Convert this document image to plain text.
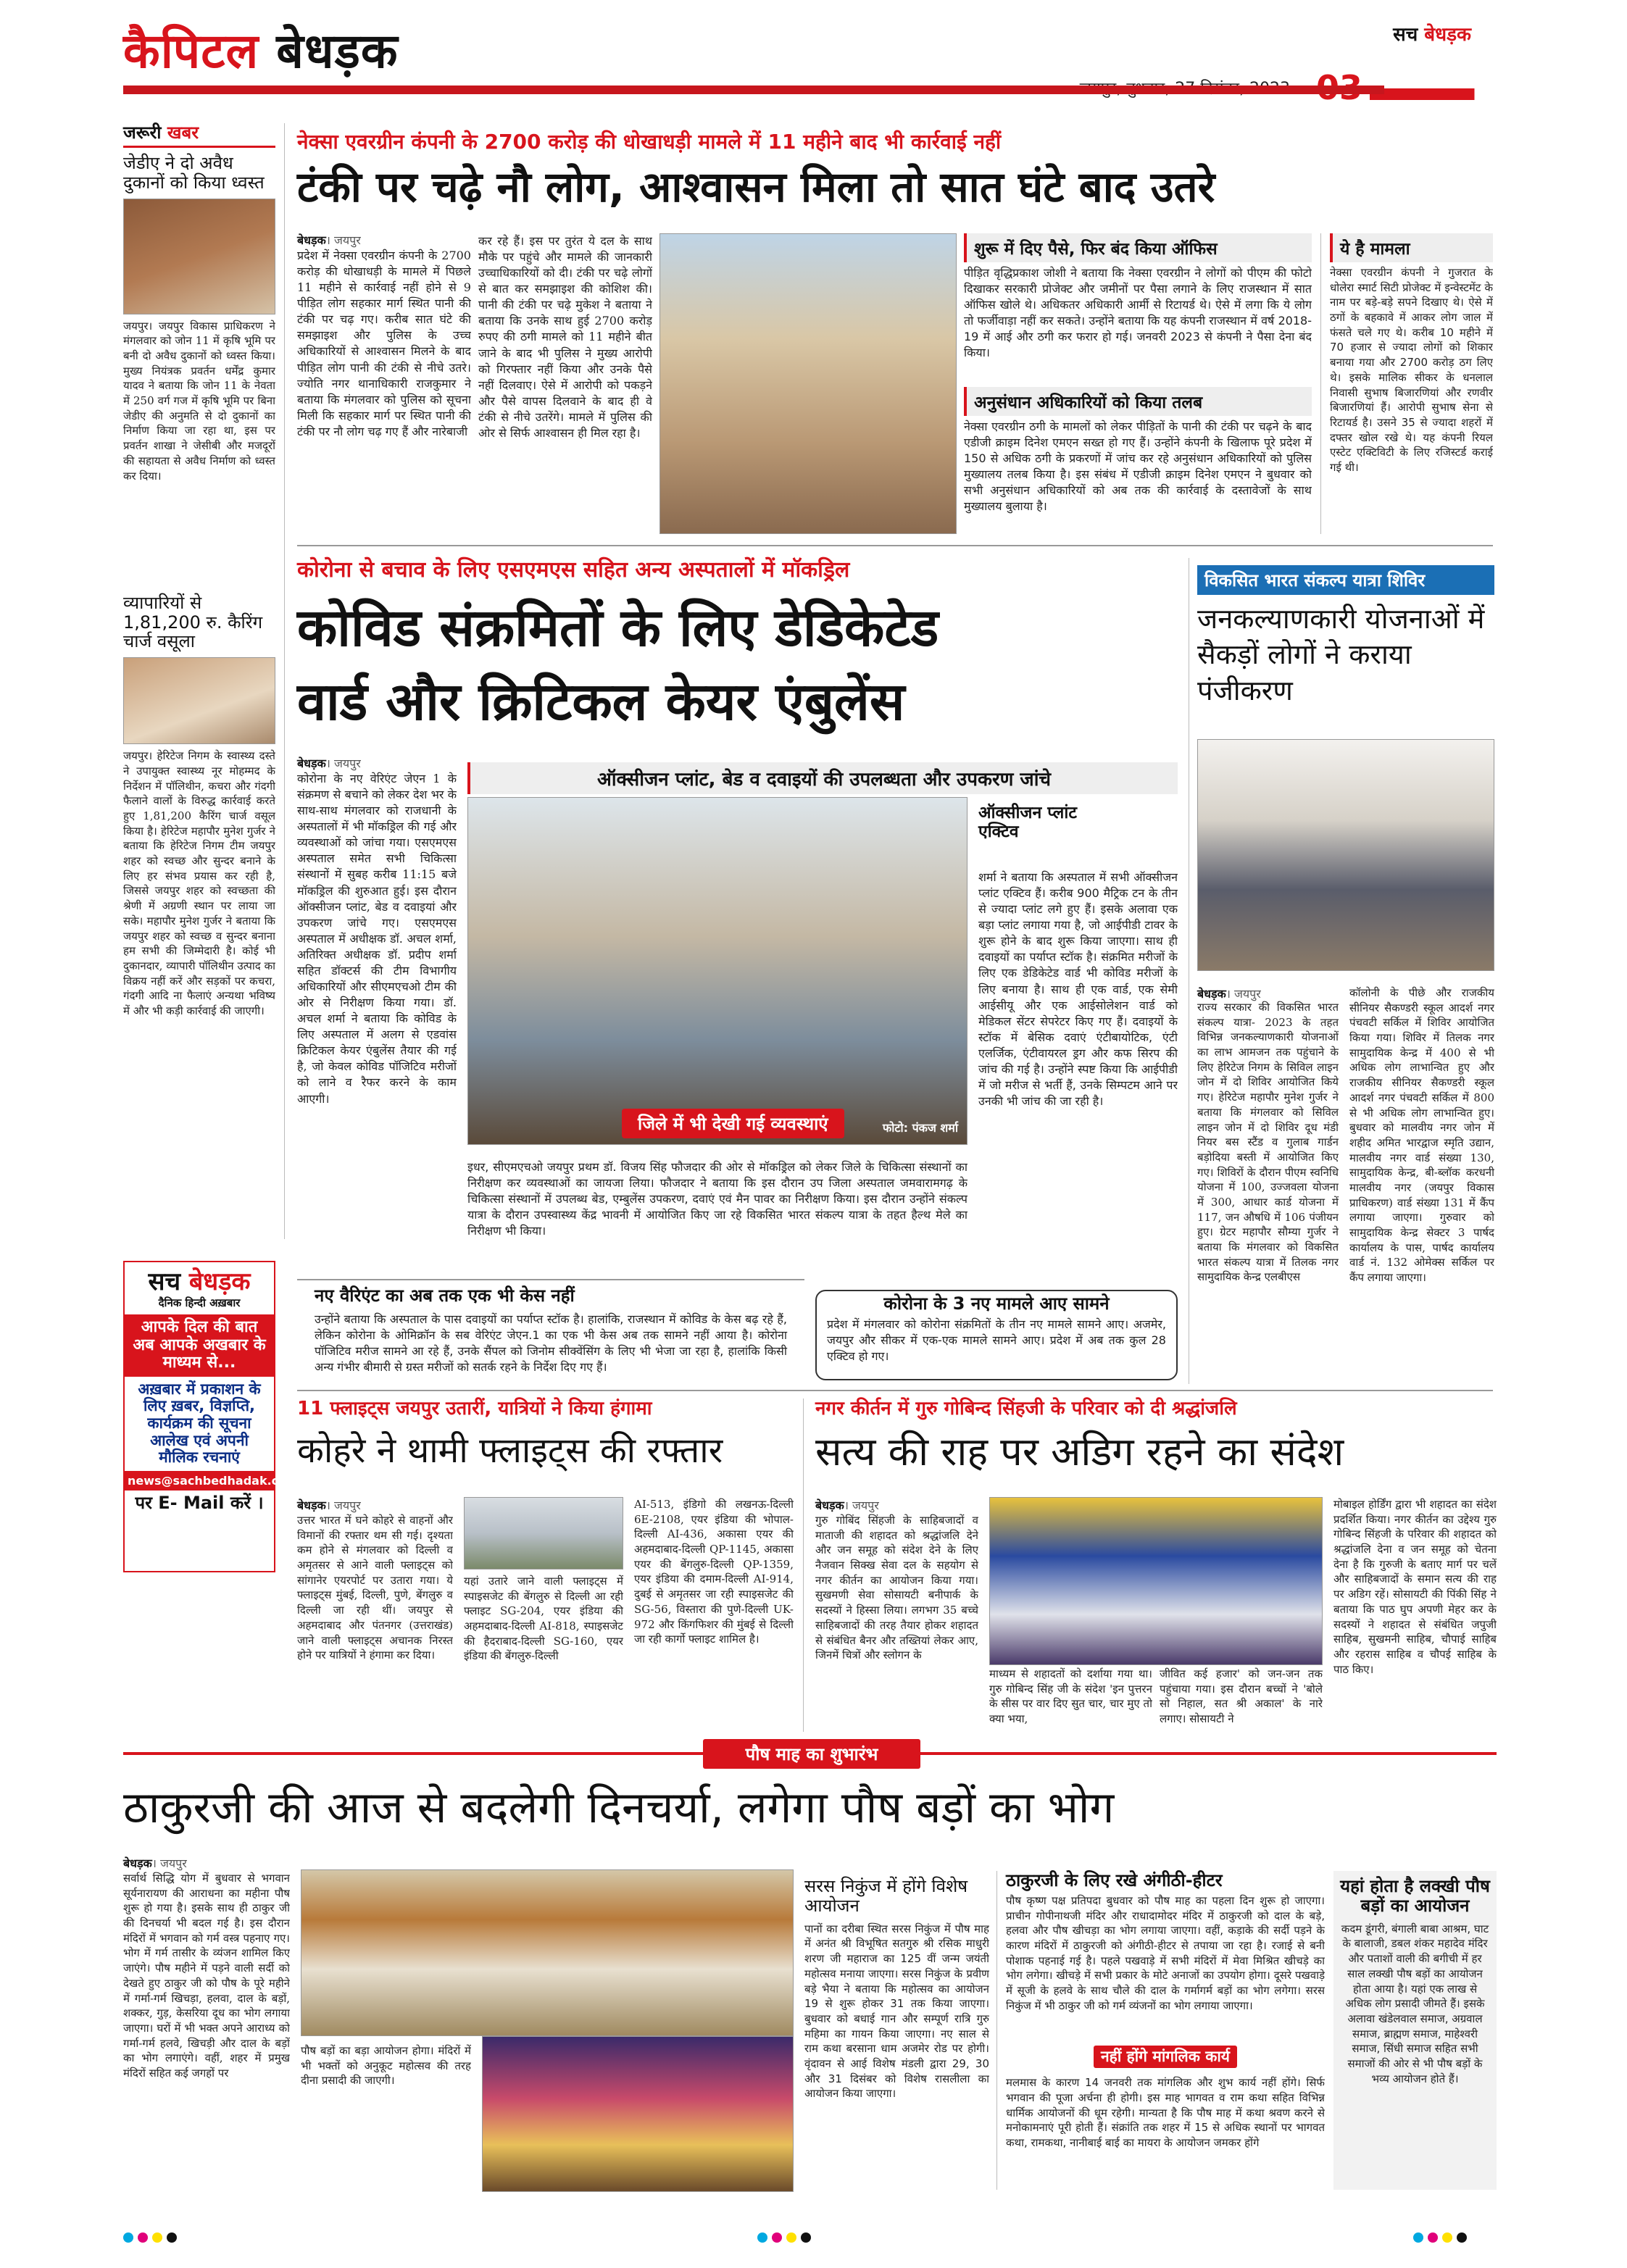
कैपिटल बेधड़क	सच बेधड़क
जरूरी खबर
जेडीए ने दो अवैध दुकानों को किया ध्वस्त
जयपुर। जयपुर विकास प्राधिकरण ने मंगलवार को जोन 11 में कृषि भूमि पर बनी दो अवैध दुकानों को ध्वस्त किया। मुख्य नियंत्रक प्रवर्तन धर्मेंद्र कुमार यादव ने बताया कि जोन 11 के नेवता में 250 वर्ग गज में कृषि भूमि पर बिना जेडीए की अनुमति से दो दुकानों का निर्माण किया जा रहा था, इस पर प्रवर्तन शाखा ने जेसीबी और मजदूरों की सहायता से अवैध निर्माण को ध्वस्त कर दिया।
व्यापारियों से 1,81,200 रु. कैरिंग चार्ज वसूला
जयपुर। हेरिटेज निगम के स्वास्थ्य दस्ते ने उपायुक्त स्वास्थ्य नूर मोहम्मद के निर्देशन में पॉलिथीन, कचरा और गंदगी फैलाने वालों के विरुद्ध कार्रवाई करते हुए 1,81,200 कैरिंग चार्ज वसूल किया है। हेरिटेज महापौर मुनेश गुर्जर ने बताया कि हेरिटेज निगम टीम जयपुर शहर को स्वच्छ और सुन्दर बनाने के लिए हर संभव प्रयास कर रही है, जिससे जयपुर शहर को स्वच्छता की श्रेणी में अग्रणी स्थान पर लाया जा सके। महापौर मुनेश गुर्जर ने बताया कि जयपुर शहर को स्वच्छ व सुन्दर बनाना हम सभी की जिम्मेदारी है। कोई भी दुकानदार, व्यापारी पॉलिथीन उत्पाद का विक्रय नहीं करें और सड़कों पर कचरा, गंदगी आदि ना फैलाएं अन्यथा भविष्य में और भी कड़ी कार्रवाई की जाएगी।
सच बेधड़क
दैनिक हिन्दी अख़बार
आपके दिल की बात अब आपके अखबार के माध्यम से...
अख़बार में प्रकाशन के लिए ख़बर, विज्ञप्ति, कार्यक्रम की सूचना आलेख एवं अपनी मौलिक रचनाएं
news@sachbedhadak.com
पर E- Mail करें ।
नेक्सा एवरग्रीन कंपनी के 2700 करोड़ की धोखाधड़ी मामले में 11 महीने बाद भी कार्रवाई नहीं
टंकी पर चढ़े नौ लोग, आश्वासन मिला तो सात घंटे बाद उतरे
बेधड़क। जयपुर
प्रदेश में नेक्सा एवरग्रीन कंपनी के 2700 करोड़ की धोखाधड़ी के मामले में पिछले 11 महीने से कार्रवाई नहीं होने से 9 पीड़ित लोग सहकार मार्ग स्थित पानी की टंकी पर चढ़ गए। करीब सात घंटे की समझाइश और पुलिस के उच्च अधिकारियों से आश्वासन मिलने के बाद पीड़ित लोग पानी की टंकी से नीचे उतरे। ज्योति नगर थानाधिकारी राजकुमार ने बताया कि मंगलवार को पुलिस को सूचना मिली कि सहकार मार्ग पर स्थित पानी की टंकी पर नौ लोग चढ़ गए हैं और नारेबाजी
कर रहे हैं। इस पर तुरंत ये दल के साथ मौके पर पहुंचे और मामले की जानकारी उच्चाधिकारियों को दी। टंकी पर चढ़े लोगों से बात कर समझाइश की कोशिश की। पानी की टंकी पर चढ़े मुकेश ने बताया ने बताया कि उनके साथ हुई 2700 करोड़ रुपए की ठगी मामले को 11 महीने बीत जाने के बाद भी पुलिस ने मुख्य आरोपी को गिरफ्तार नहीं किया और उनके पैसे नहीं दिलवाए। ऐसे में आरोपी को पकड़ने और पैसे वापस दिलवाने के बाद ही वे टंकी से नीचे उतरेंगे। मामले में पुलिस की ओर से सिर्फ आश्वासन ही मिल रहा है।
शुरू में दिए पैसे, फिर बंद किया ऑफिस
पीड़ित वृद्धिप्रकाश जोशी ने बताया कि नेक्सा एवरग्रीन ने लोगों को पीएम की फोटो दिखाकर सरकारी प्रोजेक्ट और जमीनों पर पैसा लगाने के लिए राजस्थान में सात ऑफिस खोले थे। अधिकतर अधिकारी आर्मी से रिटायर्ड थे। ऐसे में लगा कि ये लोग तो फर्जीवाड़ा नहीं कर सकते। उन्होंने बताया कि यह कंपनी राजस्थान में वर्ष 2018-19 में आई और ठगी कर फरार हो गई। जनवरी 2023 से कंपनी ने पैसा देना बंद किया।
अनुसंधान अधिकारियों को किया तलब
नेक्सा एवरग्रीन ठगी के मामलों को लेकर पीड़ितों के पानी की टंकी पर चढ़ने के बाद एडीजी क्राइम दिनेश एमएन सख्त हो गए हैं। उन्होंने कंपनी के खिलाफ पूरे प्रदेश में 150 से अधिक ठगी के प्रकरणों में जांच कर रहे अनुसंधान अधिकारियों को पुलिस मुख्यालय तलब किया है। इस संबंध में एडीजी क्राइम दिनेश एमएन ने बुधवार को सभी अनुसंधान अधिकारियों को अब तक की कार्रवाई के दस्तावेजों के साथ मुख्यालय बुलाया है।
ये है मामला
नेक्सा एवरग्रीन कंपनी ने गुजरात के धोलेरा स्मार्ट सिटी प्रोजेक्ट में इन्वेस्टमेंट के नाम पर बड़े-बड़े सपने दिखाए थे। ऐसे में ठगों के बहकावे में आकर लोग जाल में फंसते चले गए थे। करीब 10 महीने में 70 हजार से ज्यादा लोगों को शिकार बनाया गया और 2700 करोड़ ठग लिए थे। इसके मालिक सीकर के धनलाल निवासी सुभाष बिजारणियां और रणवीर बिजारणियां हैं। आरोपी सुभाष सेना से रिटायर्ड है। उसने 35 से ज्यादा शहरों में दफ्तर खोल रखे थे। यह कंपनी रियल एस्टेट एक्टिविटी के लिए रजिस्टर्ड कराई गई थी।
कोरोना से बचाव के लिए एसएमएस सहित अन्य अस्पतालों में मॉकड्रिल
कोविड संक्रमितों के लिए डेडिकेटेड
वार्ड और क्रिटिकल केयर एंबुलेंस
बेधड़क। जयपुर
कोरोना के नए वेरिएंट जेएन 1 के संक्रमण से बचाने को लेकर देश भर के साथ-साथ मंगलवार को राजधानी के अस्पतालों में भी मॉकड्रिल की गई और व्यवस्थाओं को जांचा गया। एसएमएस अस्पताल समेत सभी चिकित्सा संस्थानों में सुबह करीब 11:15 बजे मॉकड्रिल की शुरुआत हुई। इस दौरान ऑक्सीजन प्लांट, बेड व दवाइयां और उपकरण जांचे गए। एसएमएस अस्पताल में अधीक्षक डॉ. अचल शर्मा, अतिरिक्त अधीक्षक डॉ. प्रदीप शर्मा सहित डॉक्टर्स की टीम विभागीय अधिकारियों और सीएमएचओ टीम की ओर से निरीक्षण किया गया। डॉ. अचल शर्मा ने बताया कि कोविड के लिए अस्पताल में अलग से एडवांस क्रिटिकल केयर एंबुलेंस तैयार की गई है, जो केवल कोविड पॉजिटिव मरीजों को लाने व रैफर करने के काम आएगी।
ऑक्सीजन प्लांट, बेड व दवाइयों की उपलब्धता और उपकरण जांचे
जिले में भी देखी गई व्यवस्थाएं	फोटो: पंकज शर्मा
इधर, सीएमएचओ जयपुर प्रथम डॉ. विजय सिंह फौजदार की ओर से मॉकड्रिल को लेकर जिले के चिकित्सा संस्थानों का निरीक्षण कर व्यवस्थाओं का जायजा लिया। फौजदार ने बताया कि इस दौरान उप जिला अस्पताल जमवारामगढ़ के चिकित्सा संस्थानों में उपलब्ध बेड, एम्बुलेंस उपकरण, दवाएं एवं मैन पावर का निरीक्षण किया। इस दौरान उन्होंने संकल्प यात्रा के दौरान उपस्वास्थ्य केंद्र भावनी में आयोजित किए जा रहे विकसित भारत संकल्प यात्रा के तहत हैल्थ मेले का निरीक्षण भी किया।
ऑक्सीजन प्लांट एक्टिव
शर्मा ने बताया कि अस्पताल में सभी ऑक्सीजन प्लांट एक्टिव हैं। करीब 900 मैट्रिक टन के तीन से ज्यादा प्लांट लगे हुए हैं। इसके अलावा एक बड़ा प्लांट लगाया गया है, जो आईपीडी टावर के शुरू होने के बाद शुरू किया जाएगा। साथ ही दवाइयों का पर्याप्त स्टॉक है। संक्रमित मरीजों के लिए एक डेडिकेटेड वार्ड भी कोविड मरीजों के लिए बनाया है। साथ ही एक वार्ड, एक सेमी आईसीयू और एक आईसोलेशन वार्ड को मेडिकल सेंटर सेपरेटर किए गए हैं। दवाइयों के स्टॉक में बेसिक दवाएं एंटीबायोटिक, एंटी एलर्जिक, एंटीवायरल ड्रग और कफ सिरप की जांच की गई है। उन्होंने स्पष्ट किया कि आईपीडी में जो मरीज से भर्ती हैं, उनके सिम्पटम आने पर उनकी भी जांच की जा रही है।
नए वैरिएंट का अब तक एक भी केस नहीं
उन्होंने बताया कि अस्पताल के पास दवाइयों का पर्याप्त स्टॉक है। हालांकि, राजस्थान में कोविड के केस बढ़ रहे हैं, लेकिन कोरोना के ओमिक्रॉन के सब वेरिएंट जेएन.1 का एक भी केस अब तक सामने नहीं आया है। कोरोना पॉजिटिव मरीज सामने आ रहे हैं, उनके सैंपल को जिनोम सीक्वेंसिंग के लिए भी भेजा जा रहा है, हालांकि किसी अन्य गंभीर बीमारी से ग्रस्त मरीजों को सतर्क रहने के निर्देश दिए गए हैं।
कोरोना के 3 नए मामले आए सामने
प्रदेश में मंगलवार को कोरोना संक्रमितों के तीन नए मामले सामने आए। अजमेर, जयपुर और सीकर में एक-एक मामले सामने आए। प्रदेश में अब तक कुल 28 एक्टिव हो गए।
विकसित भारत संकल्प यात्रा शिविर
जनकल्याणकारी योजनाओं में सैकड़ों लोगों ने कराया पंजीकरण
बेधड़क। जयपुर
राज्य सरकार की विकसित भारत संकल्प यात्रा- 2023 के तहत विभिन्न जनकल्याणकारी योजनाओं का लाभ आमजन तक पहुंचाने के लिए हेरिटेज निगम के सिविल लाइन जोन में दो शिविर आयोजित किये गए। हेरिटेज महापौर मुनेश गुर्जर ने बताया कि मंगलवार को सिविल लाइन जोन में दो शिविर दूध मंडी नियर बस स्टैंड व गुलाब गार्डन बड़ोदिया बस्ती में आयोजित किए गए। शिविरों के दौरान पीएम स्वनिधि योजना में 100, उज्जवला योजना में 300, आधार कार्ड योजना में 117, जन औषधि में 106 पंजीयन हुए। ग्रेटर महापौर सौम्या गुर्जर ने बताया कि मंगलवार को विकसित भारत संकल्प यात्रा में तिलक नगर सामुदायिक केन्द्र एलबीएस
कॉलोनी के पीछे और राजकीय सीनियर सैकण्डरी स्कूल आदर्श नगर पंचवटी सर्किल में शिविर आयोजित किया गया। शिविर में तिलक नगर सामुदायिक केन्द्र में 400 से भी अधिक लोग लाभान्वित हुए और राजकीय सीनियर सैकण्डरी स्कूल आदर्श नगर पंचवटी सर्किल में 800 से भी अधिक लोग लाभान्वित हुए। बुधवार को मालवीय नगर जोन में शहीद अमित भारद्वाज स्मृति उद्यान, मालवीय नगर वार्ड संख्या 130, सामुदायिक केन्द्र, बी-ब्लॉक करधनी मालवीय नगर (जयपुर विकास प्राधिकरण) वार्ड संख्या 131 में कैंप लगाया जाएगा। गुरुवार को सामुदायिक केन्द्र सेक्टर 3 पार्षद कार्यालय के पास, पार्षद कार्यालय वार्ड नं. 132 ओमेक्स सर्किल पर कैंप लगाया जाएगा।
11 फ्लाइट्स जयपुर उतारीं, यात्रियों ने किया हंगामा
कोहरे ने थामी फ्लाइट्स की रफ्तार
बेधड़क। जयपुर
उत्तर भारत में घने कोहरे से वाहनों और विमानों की रफ्तार थम सी गई। दृश्यता कम होने से मंगलवार को दिल्ली व अमृतसर से आने वाली फ्लाइट्स को सांगानेर एयरपोर्ट पर उतारा गया। ये फ्लाइट्स मुंबई, दिल्ली, पुणे, बेंगलुरु व दिल्ली जा रही थीं। जयपुर से अहमदाबाद और पंतनगर (उत्तराखंड) जाने वाली फ्लाइट्स अचानक निरस्त होने पर यात्रियों ने हंगामा कर दिया।
यहां उतारे जाने वाली फ्लाइट्स में स्पाइसजेट की बेंगलुरु से दिल्ली आ रही फ्लाइट SG-204, एयर इंडिया की अहमदाबाद-दिल्ली AI-818, स्पाइसजेट की हैदराबाद-दिल्ली SG-160, एयर इंडिया की बेंगलुरु-दिल्ली
AI-513, इंडिगो की लखनऊ-दिल्ली 6E-2108, एयर इंडिया की भोपाल-दिल्ली AI-436, अकासा एयर की अहमदाबाद-दिल्ली QP-1145, अकासा एयर की बेंगलुरु-दिल्ली QP-1359, एयर इंडिया की दमाम-दिल्ली AI-914, दुबई से अमृतसर जा रही स्पाइसजेट की SG-56, विस्तारा की पुणे-दिल्ली UK-972 और किंगफिशर की मुंबई से दिल्ली जा रही कार्गो फ्लाइट शामिल है।
नगर कीर्तन में गुरु गोबिन्द सिंहजी के परिवार को दी श्रद्धांजलि
सत्य की राह पर अडिग रहने का संदेश
बेधड़क। जयपुर
गुरु गोबिंद सिंहजी के साहिबजादों व माताजी की शहादत को श्रद्धांजलि देने और जन समूह को संदेश देने के लिए नैजवान सिक्ख सेवा दल के सहयोग से नगर कीर्तन का आयोजन किया गया। सुखमणी सेवा सोसायटी बनीपार्क के सदस्यों ने हिस्सा लिया। लगभग 35 बच्चे साहिबजादों की तरह तैयार होकर शहादत से संबंधित बैनर और तख्तियां लेकर आए, जिनमें चित्रों और स्लोगन के
माध्यम से शहादतों को दर्शाया गया था। गुरु गोबिन्द सिंह जी के संदेश 'इन पुत्तरन के सीस पर वार दिए सुत चार, चार मुए तो क्या भया,
जीवित कई हजार' को जन-जन तक पहुंचाया गया। इस दौरान बच्चों ने 'बोले सो निहाल, सत श्री अकाल' के नारे लगाए। सोसायटी ने
मोबाइल होर्डिंग द्वारा भी शहादत का संदेश प्रदर्शित किया। नगर कीर्तन का उद्देश्य गुरु गोबिन्द सिंहजी के परिवार की शहादत को श्रद्धांजलि देना व जन समूह को चेतना देना है कि गुरुजी के बताए मार्ग पर चलें और साहिबजादों के समान सत्य की राह पर अडिग रहें। सोसायटी की पिंकी सिंह ने बताया कि पाठ घुप अपणी मेहर कर के सदस्यों ने शहादत से संबंधित जपुजी साहिब, सुखमनी साहिब, चौपाई साहिब और रहरास साहिब व चौपई साहिब के पाठ किए।
पौष माह का शुभारंभ
ठाकुरजी की आज से बदलेगी दिनचर्या, लगेगा पौष बड़ों का भोग
बेधड़क। जयपुर
सर्वार्थ सिद्धि योग में बुधवार से भगवान सूर्यनारायण की आराधना का महीना पौष शुरू हो गया है। इसके साथ ही ठाकुर जी की दिनचर्या भी बदल गई है। इस दौरान मंदिरों में भगवान को गर्म वस्त्र पहनाए गए। भोग में गर्म तासीर के व्यंजन शामिल किए जाएंगे। पौष महीने में पड़ने वाली सर्दी को देखते हुए ठाकुर जी को पौष के पूरे महीने में गर्मा-गर्म खिचड़ा, हलवा, दाल के बड़ों, शक्कर, गुड़, केसरिया दूध का भोग लगाया जाएगा। घरों में भी भक्त अपने आराध्य को गर्मा-गर्म हलवे, खिचड़ी और दाल के बड़ों का भोग लगाएंगे। वहीं, शहर में प्रमुख मंदिरों सहित कई जगहों पर
पौष बड़ों का बड़ा आयोजन होगा। मंदिरों में भी भक्तों को अनुकूट महोत्सव की तरह दीना प्रसादी की जाएगी।
सरस निकुंज में होंगे विशेष आयोजन
पानों का दरीबा स्थित सरस निकुंज में पौष माह में अनंत श्री विभूषित सतगुरु श्री रसिक माधुरी शरण जी महाराज का 125 वीं जन्म जयंती महोत्सव मनाया जाएगा। सरस निकुंज के प्रवीण बड़े भैया ने बताया कि महोत्सव का आयोजन 19 से शुरू होकर 31 तक किया जाएगा। बुधवार को बधाई गान और सम्पूर्ण रात्रि गुरु महिमा का गायन किया जाएगा। नए साल से राम कथा बरसाना धाम अजमेर रोड पर होगी। वृंदावन से आई विशेष मंडली द्वारा 29, 30 और 31 दिसंबर को विशेष रासलीला का आयोजन किया जाएगा।
ठाकुरजी के लिए रखे अंगीठी-हीटर
पौष कृष्ण पक्ष प्रतिपदा बुधवार को पौष माह का पहला दिन शुरू हो जाएगा। प्राचीन गोपीनाथजी मंदिर और राधादामोदर मंदिर में ठाकुरजी को दाल के बड़े, हलवा और पौष खीचड़ा का भोग लगाया जाएगा। वहीं, कड़ाके की सर्दी पड़ने के कारण मंदिरों में ठाकुरजी को अंगीठी-हीटर से तपाया जा रहा है। रजाई से बनी पोशाक पहनाई गई है। पहले पखवाड़े में सभी मंदिरों में मेवा मिश्रित खीचड़े का भोग लगेगा। खीचड़े में सभी प्रकार के मोटे अनाजों का उपयोग होगा। दूसरे पखवाड़े में सूजी के हलवे के साथ चौले की दाल के गर्मागर्म बड़ों का भोग लगेगा। सरस निकुंज में भी ठाकुर जी को गर्म व्यंजनों का भोग लगाया जाएगा।
नहीं होंगे मांगलिक कार्य
मलमास के कारण 14 जनवरी तक मांगलिक और शुभ कार्य नहीं होंगे। सिर्फ भगवान की पूजा अर्चना ही होगी। इस माह भागवत व राम कथा सहित विभिन्न धार्मिक आयोजनों की धूम रहेगी। मान्यता है कि पौष माह में कथा श्रवण करने से मनोकामनाएं पूरी होती हैं। संक्रांति तक शहर में 15 से अधिक स्थानों पर भागवत कथा, रामकथा, नानीबाई बाई का मायरा के आयोजन जमकर होंगे
यहां होता है लक्खी पौष बड़ों का आयोजन
कदम डूंगरी, बंगाली बाबा आश्रम, घाट के बालाजी, डबल शंकर महादेव मंदिर और पताशों वाली की बगीची में हर साल लक्खी पौष बड़ों का आयोजन होता आया है। यहां एक लाख से अधिक लोग प्रसादी जीमते हैं। इसके अलावा खंडेलवाल समाज, अग्रवाल समाज, ब्राह्मण समाज, माहेश्वरी समाज, सिंधी समाज सहित सभी समाजों की ओर से भी पौष बड़ों के भव्य आयोजन होते हैं।
